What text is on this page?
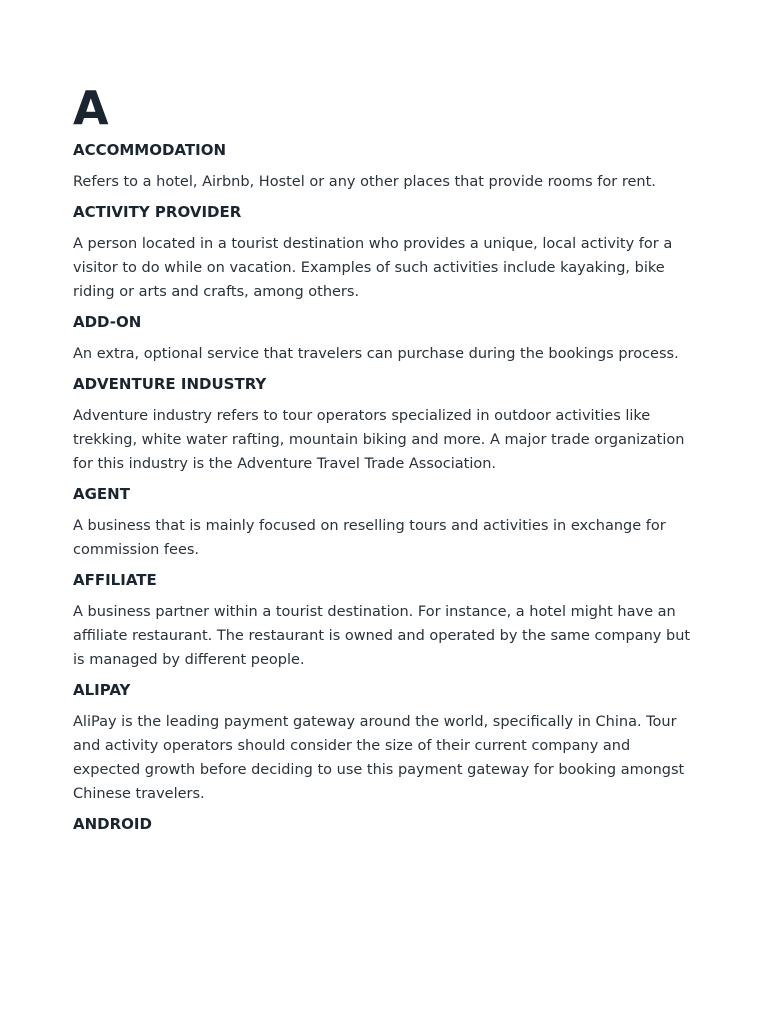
A
ACCOMMODATION

Refers to a hotel, Airbnb, Hostel or any other places that provide rooms for rent.

ACTIVITY PROVIDER

A person located in a tourist destination who provides a unique, local activity for a visitor to do while on vacation. Examples of such activities include kayaking, bike riding or arts and crafts, among others.

ADD-ON

An extra, optional service that travelers can purchase during the bookings process.

ADVENTURE INDUSTRY

Adventure industry refers to tour operators specialized in outdoor activities like trekking, white water rafting, mountain biking and more. A major trade organization for this industry is the Adventure Travel Trade Association.

AGENT

A business that is mainly focused on reselling tours and activities in exchange for commission fees.

AFFILIATE

A business partner within a tourist destination. For instance, a hotel might have an affiliate restaurant. The restaurant is owned and operated by the same company but is managed by different people.

ALIPAY

AliPay is the leading payment gateway around the world, specifically in China. Tour and activity operators should consider the size of their current company and expected growth before deciding to use this payment gateway for booking amongst Chinese travelers.

ANDROID
